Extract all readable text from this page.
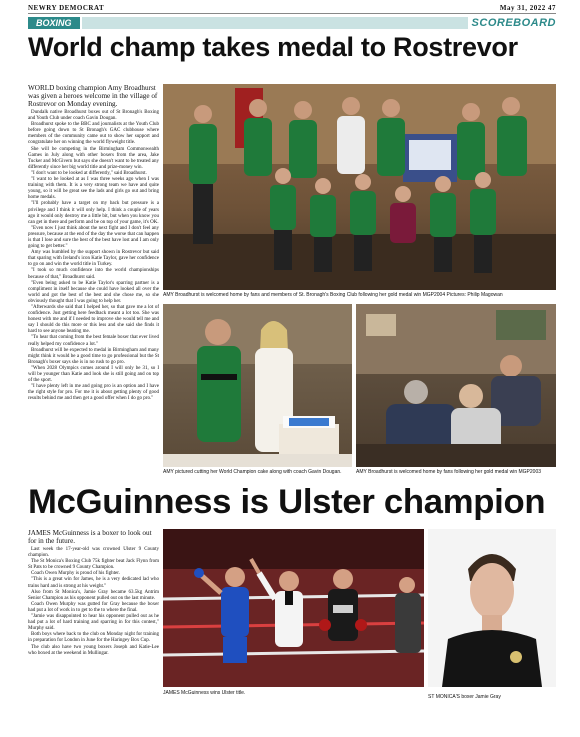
NEWRY DEMOCRAT	May 31, 2022 47
BOXING	SCOREBOARD
World champ takes medal to Rostrevor

WORLD boxing champion Amy Broadhurst was given a heroes welcome in the village of Rostrevor on Monday evening.

Dundalk native Broadhurst boxes out of St Bronagh's Boxing and Youth Club under coach Gavin Dougan.

Broadhurst spoke to the BBC and journalists at the Youth Club before going down to St Bronagh's GAC clubhouse where members of the community came out to show her support and congratulate her on winning the world flyweight title.

She will be competing in the Birmingham Commonwealth Games in July along with other boxers from the area, Jake Tucker and McGivern but says she doesn't want to be treated any differently since her big world title and prize-money win.

"I don't want to be looked at differently," said Broadhurst.

"I want to be looked at as I was three weeks ago when I was training with them. It is a very strong team we have and quite young, so it will be great see the lads and girls go out and bring home medals.

"I'll probably have a target on my back but pressure is a privilege and I think it will only help. I think a couple of years ago it would only destroy me a little bit, but when you know you can get in there and perform and be on top of your game, it's OK.

"Even now I just think about the next fight and I don't feel any pressure, because at the end of the day the worse that can happen is that I lose and sure the best of the best have lost and I am only going to get better."

Amy was humbled by the support shown in Rostrevor but said that sparing with Ireland's icon Katie Taylor, gave her confidence to go on and win the world title in Turkey.

"I took so much confidence into the world championships because of that," Broadhurst said.

"Even being asked to be Katie Taylor's sparring partner is a compliment in itself because she could have looked all over the world and got the best of the best and she chose me, so she obviously thought that I was going to help her.

"Afterwards she said that I helped her, so that gave me a lot of confidence. Just getting here feedback meant a lot too. She was honest with me and if I needed to improve she would tell me and say I should do this more or this less and she said she finds it hard to see anyone beating me.

"To hear that coming from the best female boxer that ever lived really helped my confidence a lot."

Broadhurst will be expected to medal in Birmingham and many might think it would be a good time to go professional but the St Bronagh's boxer says she is in no rush to go pro.

"When 2028 Olympics comes around I will only be 31, so I will be younger than Katie and look she is still going and on top of the sport.

"I have plenty left in me and going pro is an option and I have the right style for pro. For me it is about getting plenty of good results behind me and then get a good offer when I do go pro."

AMY Broadhurst is welcomed home by fans and members of St. Bronagh's Boxing Club following her gold medal win MGP2004 Pictures: Philip Magowan
AMY pictured cutting her World Champion cake along with coach Gavin Dougan.	AMY Broadhurst is welcomed home by fans following her gold medal win MGP2003
McGuinness is Ulster champion

JAMES McGuinness is a boxer to look out for in the future.

Last week the 17-year-old was crowned Ulster 9 County champion.

The St Monica's Boxing Club 75k fighter beat Jack Flynn from St Pats to be crowned 9 County Champion.

Coach Owen Murphy is proud of his fighter.

"This is a great win for James, he is a very dedicated lad who trains hard and is strong at his weight."

Also from St Monica's, Jamie Gray became 63.5kg Antrim Senior Champion as his opponent pulled out on the last minute.

Coach Owen Murphy was gutted for Gray because the boxer had put a lot of work in to get to the to where the final.

"Jamie was disappointed to hear his opponent pulled out as he had put a lot of hard training and sparring in for this contest," Murphy said.

Both boys where back to the club on Monday night for training in preparation for London in June for the Haringey Box Cup.

The club also have two young boxers Joseph and Katie-Lee who boxed at the weekend in Mullingar.

JAMES McGuinness wins Ulster title.
ST MONICA'S boxer Jamie Gray
